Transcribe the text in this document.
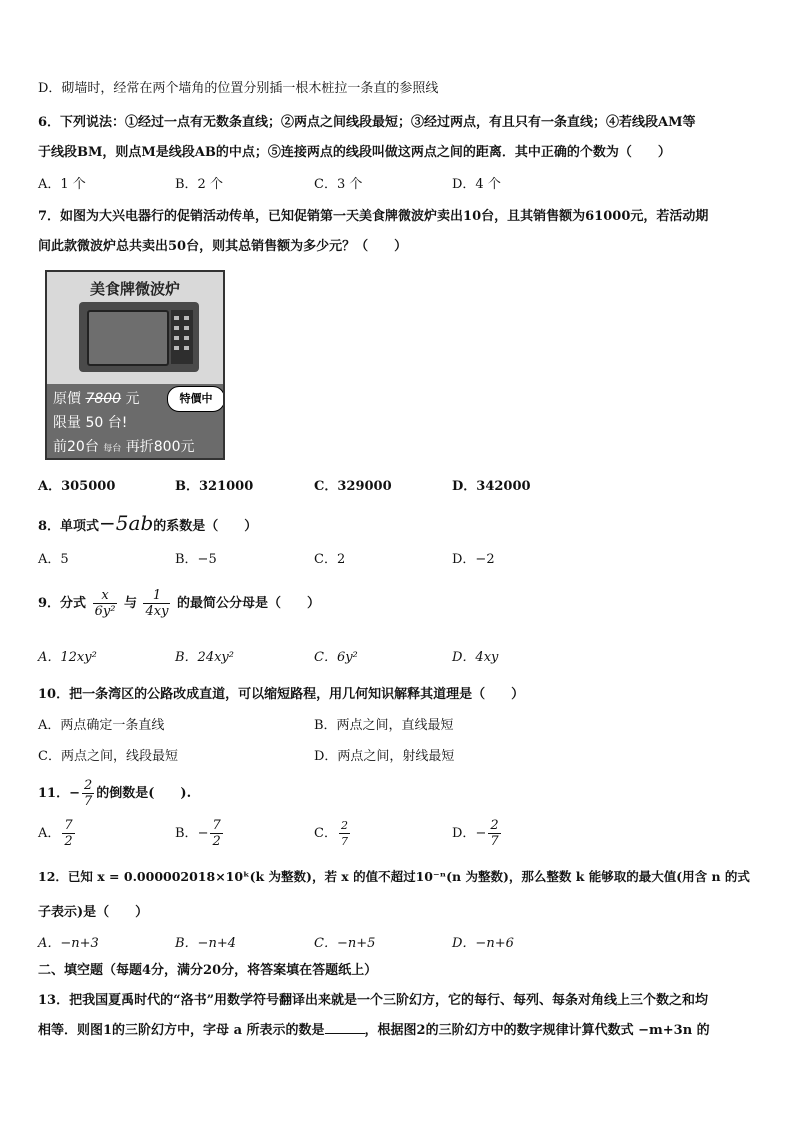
D．砌墙时，经常在两个墙角的位置分别插一根木桩拉一条直的参照线
6．下列说法：①经过一点有无数条直线；②两点之间线段最短；③经过两点，有且只有一条直线；④若线段AM等
于线段BM，则点M是线段AB的中点；⑤连接两点的线段叫做这两点之间的距离．其中正确的个数为（　　）
A．1 个	B．2 个	C．3 个	D．4 个
7．如图为大兴电器行的促销活动传单，已知促销第一天美食牌微波炉卖出10台，且其销售额为61000元，若活动期
间此款微波炉总共卖出50台，则其总销售额为多少元？（　　）
美食牌微波炉
原價 7800 元	特價中
限量 50 台!
前20台 每台 再折800元
A．305000	B．321000	C．329000	D．342000
8．单项式−5ab的系数是（　　）
A．5	B．−5	C．2	D．−2
9．分式 $\frac{x}{\text{6y²}}$ 与 $\frac{1}{4xy}$ 的最简公分母是（　　）
A．12xy²	B．24xy²	C．6y²	D．4xy
10．把一条湾区的公路改成直道，可以缩短路程，用几何知识解释其道理是（　　）
A．两点确定一条直线	B．两点之间，直线最短
C．两点之间，线段最短	D．两点之间，射线最短
11．− $\frac{2}{7}$ 的倒数是(　　).
A． $\frac{7}{2}$	B．− $\frac{7}{2}$	C． $\frac{2}{7}$	D．− $\frac{2}{7}$
12．已知 x = 0.000002018×10ᵏ(k 为整数)，若 x 的值不超过10⁻ⁿ(n 为整数)，那么整数 k 能够取的最大值(用含 n 的式
子表示)是（　　）
A．−n+3	B．−n+4	C．−n+5	D．−n+6
二、填空题（每题4分，满分20分，将答案填在答题纸上）
13．把我国夏禹时代的“洛书”用数学符号翻译出来就是一个三阶幻方，它的每行、每列、每条对角线上三个数之和均
相等．则图1的三阶幻方中，字母 a 所表示的数是	，根据图2的三阶幻方中的数字规律计算代数式 −m+3n 的
